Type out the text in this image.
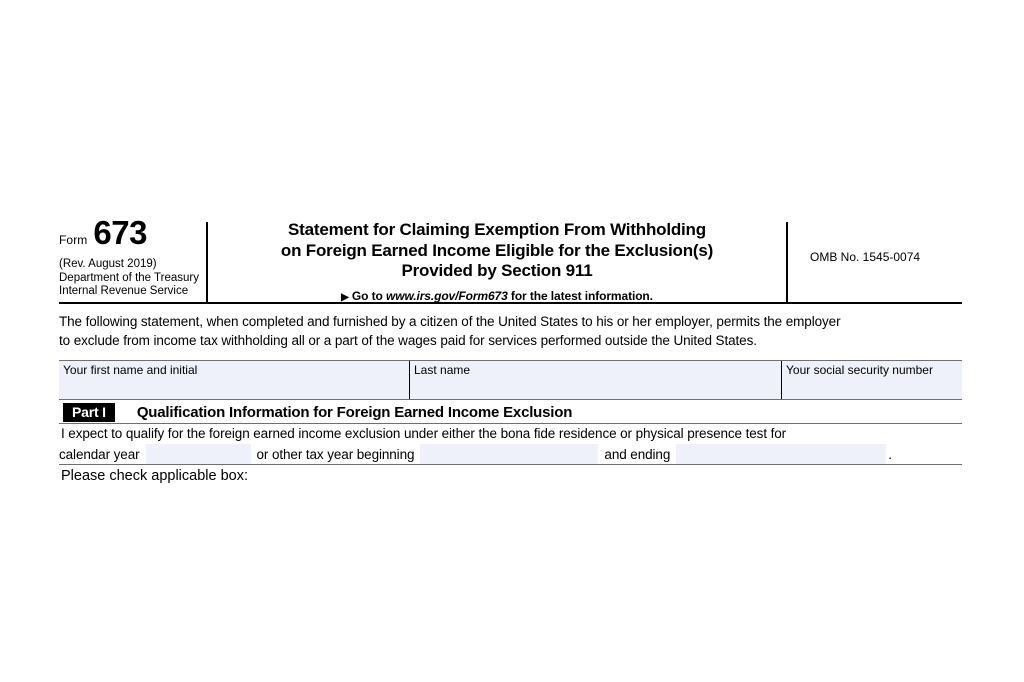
Form 673
(Rev. August 2019)
Department of the Treasury
Internal Revenue Service
Statement for Claiming Exemption From Withholding
on Foreign Earned Income Eligible for the Exclusion(s)
Provided by Section 911
▶ Go to www.irs.gov/Form673 for the latest information.
OMB No. 1545-0074
The following statement, when completed and furnished by a citizen of the United States to his or her employer, permits the employer
to exclude from income tax withholding all or a part of the wages paid for services performed outside the United States.
Your first name and initial	Last name	Your social security number
Part I	Qualification Information for Foreign Earned Income Exclusion
I expect to qualify for the foreign earned income exclusion under either the bona fide residence or physical presence test for
calendar year	or other tax year beginning	and ending	.
Please check applicable box:
